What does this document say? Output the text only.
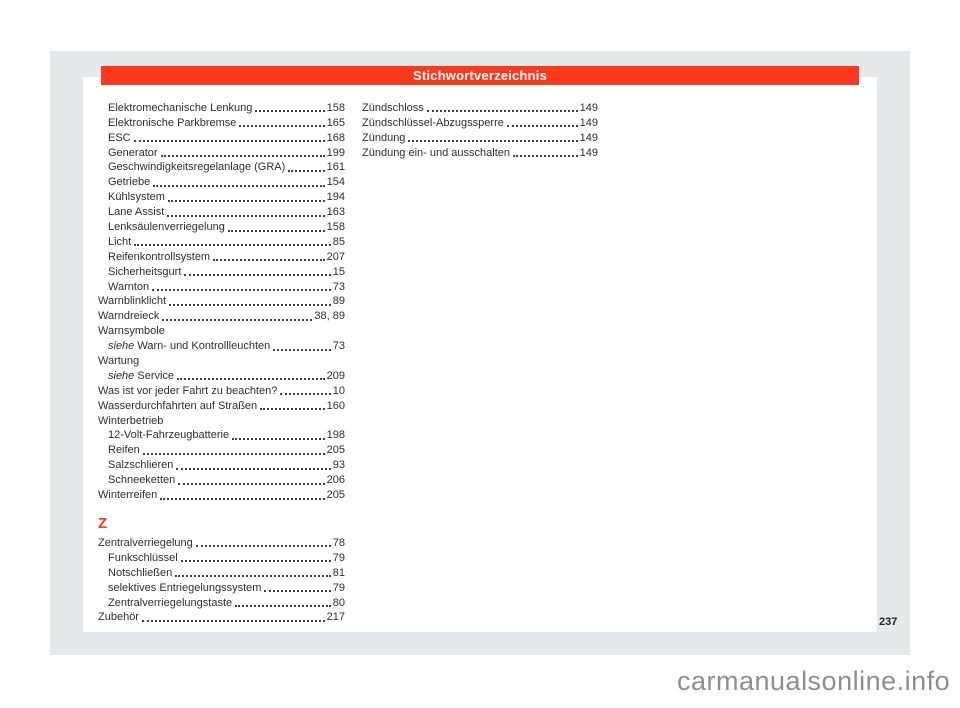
Stichwortverzeichnis
Elektromechanische Lenkung	158
Elektronische Parkbremse	165
ESC	168
Generator	199
Geschwindigkeitsregelanlage (GRA)	161
Getriebe	154
Kühlsystem	194
Lane Assist	163
Lenksäulenverriegelung	158
Licht	85
Reifenkontrollsystem	207
Sicherheitsgurt	15
Warnton	73
Warnblinklicht	89
Warndreieck	38, 89
Warnsymbole
siehe Warn- und Kontrollleuchten	73
Wartung
siehe Service	209
Was ist vor jeder Fahrt zu beachten?	10
Wasserdurchfahrten auf Straßen	160
Winterbetrieb
12-Volt-Fahrzeugbatterie	198
Reifen	205
Salzschlieren	93
Schneeketten	206
Winterreifen	205
Z
Zentralverriegelung	78
Funkschlüssel	79
Notschließen	81
selektives Entriegelungssystem	79
Zentralverriegelungstaste	80
Zubehör	217
Zündschloss	149
Zündschlüssel-Abzugssperre	149
Zündung	149
Zündung ein- und ausschalten	149
237
carmanualsonline.info
